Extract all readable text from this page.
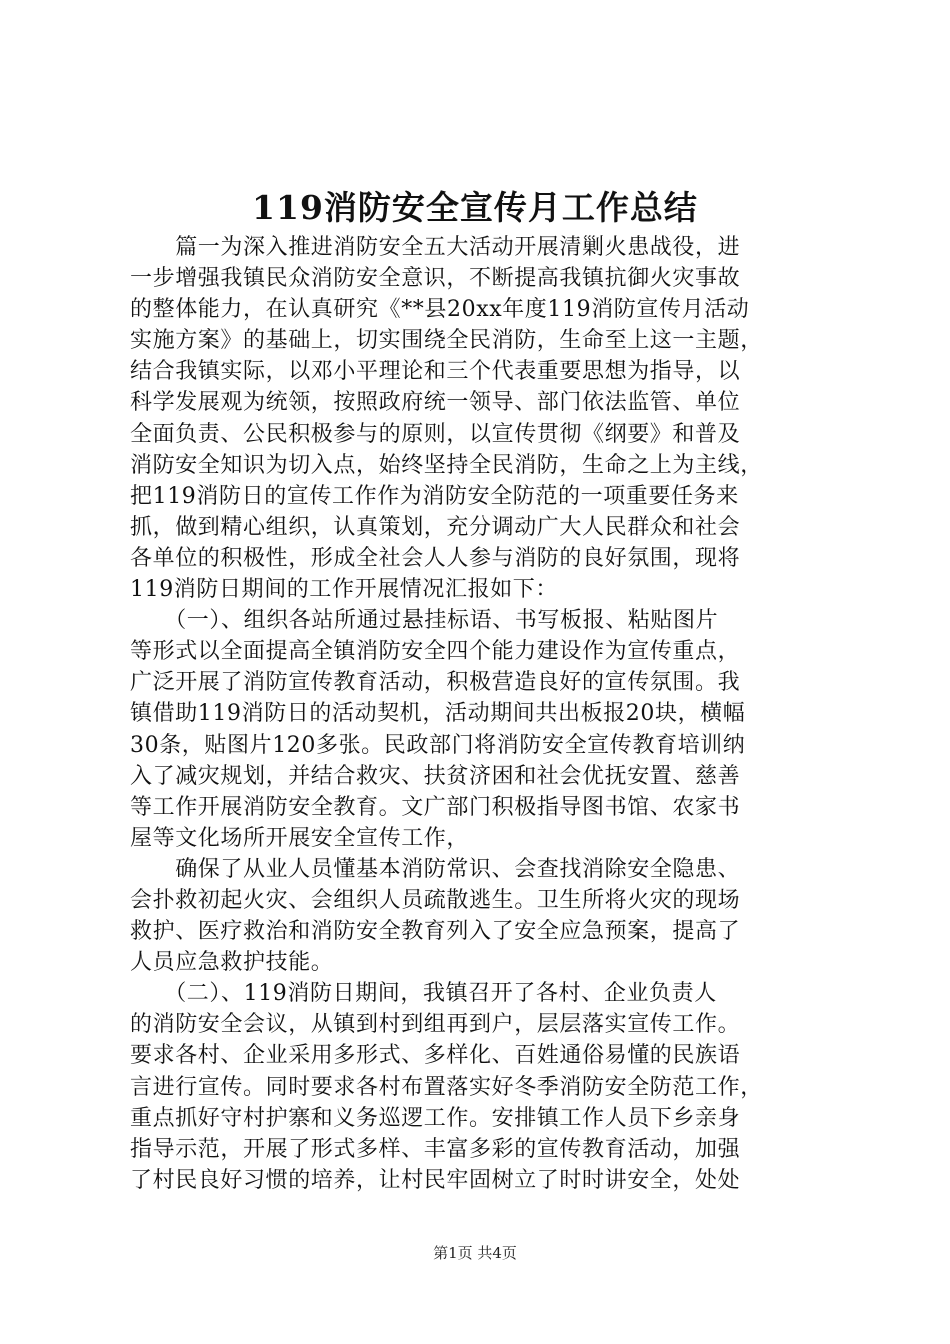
119消防安全宣传月工作总结
　　篇一为深入推进消防安全五大活动开展清剿火患战役，进
一步增强我镇民众消防安全意识，不断提高我镇抗御火灾事故
的整体能力，在认真研究《**县20xx年度119消防宣传月活动
实施方案》的基础上，切实围绕全民消防，生命至上这一主题，
结合我镇实际，以邓小平理论和三个代表重要思想为指导，以
科学发展观为统领，按照政府统一领导、部门依法监管、单位
全面负责、公民积极参与的原则，以宣传贯彻《纲要》和普及
消防安全知识为切入点，始终坚持全民消防，生命之上为主线，
把119消防日的宣传工作作为消防安全防范的一项重要任务来
抓，做到精心组织，认真策划，充分调动广大人民群众和社会
各单位的积极性，形成全社会人人参与消防的良好氛围，现将
119消防日期间的工作开展情况汇报如下：
　　（一）、组织各站所通过悬挂标语、书写板报、粘贴图片
等形式以全面提高全镇消防安全四个能力建设作为宣传重点，
广泛开展了消防宣传教育活动，积极营造良好的宣传氛围。我
镇借助119消防日的活动契机，活动期间共出板报20块，横幅
30条，贴图片120多张。民政部门将消防安全宣传教育培训纳
入了减灾规划，并结合救灾、扶贫济困和社会优抚安置、慈善
等工作开展消防安全教育。文广部门积极指导图书馆、农家书
屋等文化场所开展安全宣传工作，
　　确保了从业人员懂基本消防常识、会查找消除安全隐患、
会扑救初起火灾、会组织人员疏散逃生。卫生所将火灾的现场
救护、医疗救治和消防安全教育列入了安全应急预案，提高了
人员应急救护技能。
　　（二）、119消防日期间，我镇召开了各村、企业负责人
的消防安全会议，从镇到村到组再到户，层层落实宣传工作。
要求各村、企业采用多形式、多样化、百姓通俗易懂的民族语
言进行宣传。同时要求各村布置落实好冬季消防安全防范工作，
重点抓好守村护寨和义务巡逻工作。安排镇工作人员下乡亲身
指导示范，开展了形式多样、丰富多彩的宣传教育活动，加强
了村民良好习惯的培养，让村民牢固树立了时时讲安全，处处
第1页 共4页
